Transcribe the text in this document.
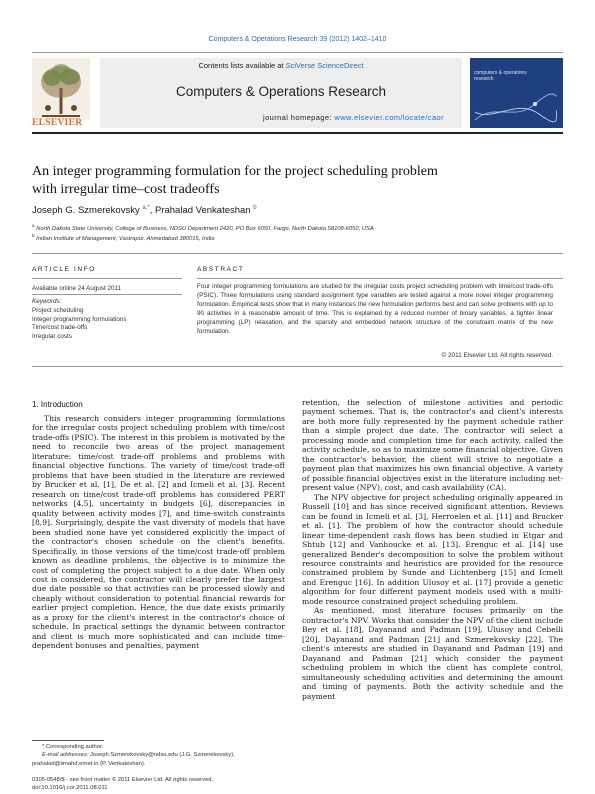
Computers & Operations Research 39 (2012) 1402–1410
ELSEVIER
Contents lists available at SciVerse ScienceDirect
Computers & Operations Research
journal homepage: www.elsevier.com/locate/caor
computers & operations research
An integer programming formulation for the project scheduling problem
with irregular time–cost tradeoffs
Joseph G. Szmerekovsky $^{a,*}$, Prahalad Venkateshan $^b$
$^a$ North Dakota State University, College of Business, NDSU Department 2420, PO Box 6050, Fargo, North Dakota 58108-6050, USA
$^b$ Indian Institute of Management, Vastrapur, Ahmedabad 380015, India
ARTICLE INFO	ABSTRACT
Available online 24 August 2011
Keywords:
Project scheduling
Integer programming formulations
Time/cost trade-offs
Irregular costs
Four integer programming formulations are studied for the irregular costs project scheduling problem with time/cost trade-offs (PSIC). Three formulations using standard assignment type variables are tested against a more novel integer programming formulation. Empirical tests show that in many instances the new formulation performs best and can solve problems with up to 90 activities in a reasonable amount of time. This is explained by a reduced number of binary variables, a tighter linear programming (LP) relaxation, and the sparsity and embedded network structure of the constraint matrix of the new formulation.
© 2011 Elsevier Ltd. All rights reserved.
1. Introduction

This research considers integer programming formulations for the irregular costs project scheduling problem with time/cost trade-offs (PSIC). The interest in this problem is motivated by the need to reconcile two areas of the project management literature: time/cost trade-off problems and problems with financial objective functions. The variety of time/cost trade-off problems that have been studied in the literature are reviewed by Brucker et al. [1], De et al. [2] and Icmeli et al. [3]. Recent research on time/cost trade-off problems has considered PERT networks [4,5], uncertainty in budgets [6], discrepancies in quality between activity modes [7], and time-switch constraints [8,9]. Surprisingly, despite the vast diversity of models that have been studied none have yet considered explicitly the impact of the contractor's chosen schedule on the client's benefits. Specifically, in those versions of the time/cost trade-off problem known as deadline problems, the objective is to minimize the cost of completing the project subject to a due date. When only cost is considered, the contractor will clearly prefer the largest due date possible so that activities can be processed slowly and cheaply without consideration to potential financial rewards for earlier project completion. Hence, the due date exists primarily as a proxy for the client's interest in the contractor's choice of schedule. In practical settings the dynamic between contractor and client is much more sophisticated and can include time-dependent bonuses and penalties, payment

retention, the selection of milestone activities and periodic payment schemes. That is, the contractor's and client's interests are both more fully represented by the payment schedule rather than a simple project due date. The contractor will select a processing mode and completion time for each activity, called the activity schedule, so as to maximize some financial objective. Given the contractor's behavior, the client will strive to negotiate a payment plan that maximizes his own financial objective. A variety of possible financial objectives exist in the literature including net-present value (NPV), cost, and cash availability (CA).

The NPV objective for project scheduling originally appeared in Russell [10] and has since received significant attention. Reviews can be found in Icmeli et al. [3], Herroelen et al. [11] and Brucker et al. [1]. The problem of how the contractor should schedule linear time-dependent cash flows has been studied in Etgar and Shtub [12] and Vanhoucke et al. [13]. Erenguc et al. [14] use generalized Bender's decomposition to solve the problem without resource constraints and heuristics are provided for the resource constrained problem by Sunde and Lichtenberg [15] and Icmeli and Erenguc [16]. In addition Ulusoy et al. [17] provide a genetic algorithm for four different payment models used with a multi-mode resource constrained project scheduling problem.

As mentioned, most literature focuses primarily on the contractor's NPV. Works that consider the NPV of the client include Bey et al. [18], Dayanand and Padman [19], Ulusoy and Cebelli [20], Dayanand and Padman [21] and Szmerekovsky [22]. The client's interests are studied in Dayanand and Padman [19] and Dayanand and Padman [21] which consider the payment scheduling problem in which the client has complete control, simultaneously scheduling activities and determining the amount and timing of payments. Both the activity schedule and the payment

* Corresponding author.
E-mail addresses: Joseph.Szmerekovsky@ndsu.edu (J.G. Szmerekovsky),
prahalad@iimahd.ernet.in (P. Venkateshan).
0305-0548/$ - see front matter © 2011 Elsevier Ltd. All rights reserved.
doi:10.1016/j.cor.2011.08.011
